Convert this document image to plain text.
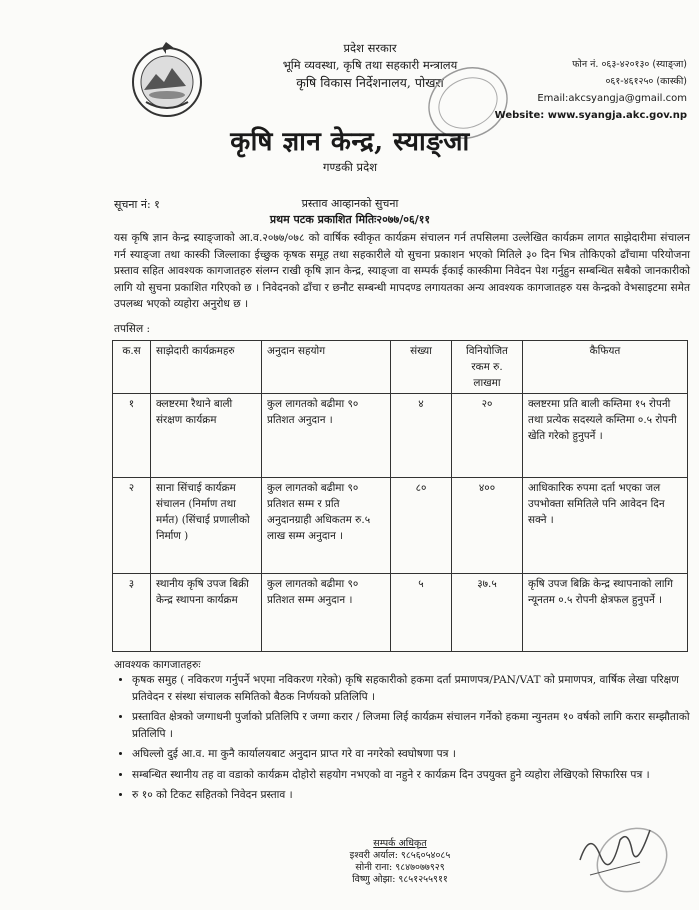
प्रदेश सरकार
भूमि व्यवस्था, कृषि तथा सहकारी मन्त्रालय
कृषि विकास निर्देशनालय, पोखरा
फोन नं. ०६३-४२०१३० (स्याङ्जा)
०६१-४६१२५० (कास्की)
Email:akcsyangja@gmail.com
Website: www.syangja.akc.gov.np
कृषि ज्ञान केन्द्र, स्याङ्जा
गण्डकी प्रदेश
सूचना नं: १	प्रस्ताव आव्हानको सुचना
प्रथम पटक प्रकाशित मितिः२०७७/०६/११
यस कृषि ज्ञान केन्द्र स्याङ्जाको आ.व.२०७७/०७८ को वार्षिक स्वीकृत कार्यक्रम संचालन गर्न तपसिलमा उल्लेखित कार्यक्रम लागत साझेदारीमा संचालन गर्न स्याङ्जा तथा कास्की जिल्लाका ईच्छुक कृषक समूह तथा सहकारीले यो सुचना प्रकाशन भएको मितिले ३० दिन भित्र तोकिएको ढाँचामा परियोजना प्रस्ताव सहित आवश्यक कागजातहरु संलग्न राखी कृषि ज्ञान केन्द्र, स्याङ्जा वा सम्पर्क ईकाई कास्कीमा निवेदन पेश गर्नुहुन सम्बन्धित सबैको जानकारीको लागि यो सुचना प्रकाशित गरिएको छ । निवेदनको ढाँचा र छनौट सम्बन्धी मापदण्ड लगायतका अन्य आवश्यक कागजातहरु यस केन्द्रको वेभसाइटमा समेत उपलब्ध भएको व्यहोरा अनुरोध छ ।
तपसिल :
क.स	साझेदारी कार्यक्रमहरु	अनुदान सहयोग	संख्या	विनियोजित रकम रु. लाखमा	कैफियत
१	क्लष्टरमा रैथाने बाली संरक्षण कार्यक्रम	कुल लागतको बढीमा ९० प्रतिशत अनुदान ।	४	२०	क्लष्टरमा प्रति बाली कम्तिमा १५ रोपनी तथा प्रत्येक सदस्यले कम्तिमा ०.५ रोपनी खेति गरेको हुनुपर्ने ।
२	साना सिंचाई कार्यक्रम संचालन (निर्माण तथा मर्मत) (सिंचाई प्रणालीको निर्माण )	कुल लागतको बढीमा ९० प्रतिशत सम्म र प्रति अनुदानग्राही अधिकतम रु.५ लाख सम्म अनुदान ।	८०	४००	आधिकारिक रुपमा दर्ता भएका जल उपभोक्ता समितिले पनि आवेदन दिन सक्ने ।
३	स्थानीय कृषि उपज बिक्री केन्द्र स्थापना कार्यक्रम	कुल लागतको बढीमा ९० प्रतिशत सम्म अनुदान ।	५	३७.५	कृषि उपज बिक्रि केन्द्र स्थापनाको लागि न्यूनतम ०.५ रोपनी क्षेत्रफल हुनुपर्ने ।
आवश्यक कागजातहरुः
• कृषक समुह ( नविकरण गर्नुपर्ने भएमा नविकरण गरेको) कृषि सहकारीको हकमा दर्ता प्रमाणपत्र/PAN/VAT को प्रमाणपत्र, वार्षिक लेखा परिक्षण प्रतिवेदन र संस्था संचालक समितिको बैठक निर्णयको प्रतिलिपि ।
• प्रस्तावित क्षेत्रको जग्गाधनी पुर्जाको प्रतिलिपि र जग्गा करार / लिजमा लिई कार्यक्रम संचालन गर्नेको हकमा न्युनतम १० वर्षको लागि करार सम्झौताको प्रतिलिपि ।
• अघिल्लो दुई आ.व. मा कुनै कार्यालयबाट अनुदान प्राप्त गरे वा नगरेको स्वघोषणा पत्र ।
• सम्बन्धित स्थानीय तह वा वडाको कार्यक्रम दोहोरो सहयोग नभएको वा नहुने र कार्यक्रम दिन उपयुक्त हुने व्यहोरा लेखिएको सिफारिस पत्र ।
• रु १० को टिकट सहितको निवेदन प्रस्ताव ।
सम्पर्क अधिकृत
इश्वरी अर्याल: ९८५६०५४०८५
सोनी राना: ९८४७०७७९२९
विष्णु ओझा: ९८५१२५५९११
